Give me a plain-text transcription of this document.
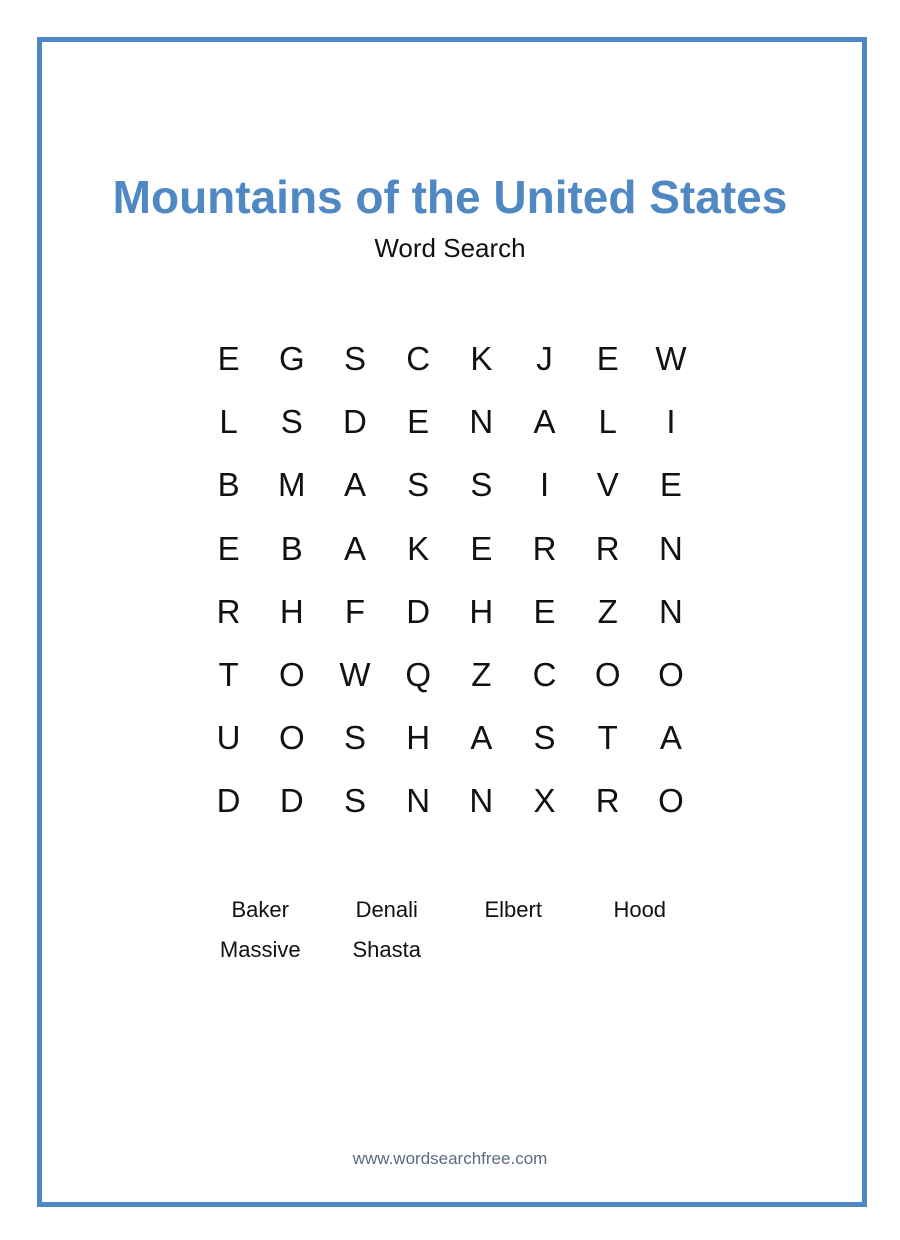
Mountains of the United States
Word Search
E	G	S	C	K	J	E	W
L	S	D	E	N	A	L	I
B	M	A	S	S	I	V	E
E	B	A	K	E	R	R	N
R	H	F	D	H	E	Z	N
T	O	W	Q	Z	C	O	O
U	O	S	H	A	S	T	A
D	D	S	N	N	X	R	O
Baker	Denali	Elbert	Hood
Massive	Shasta
www.wordsearchfree.com
